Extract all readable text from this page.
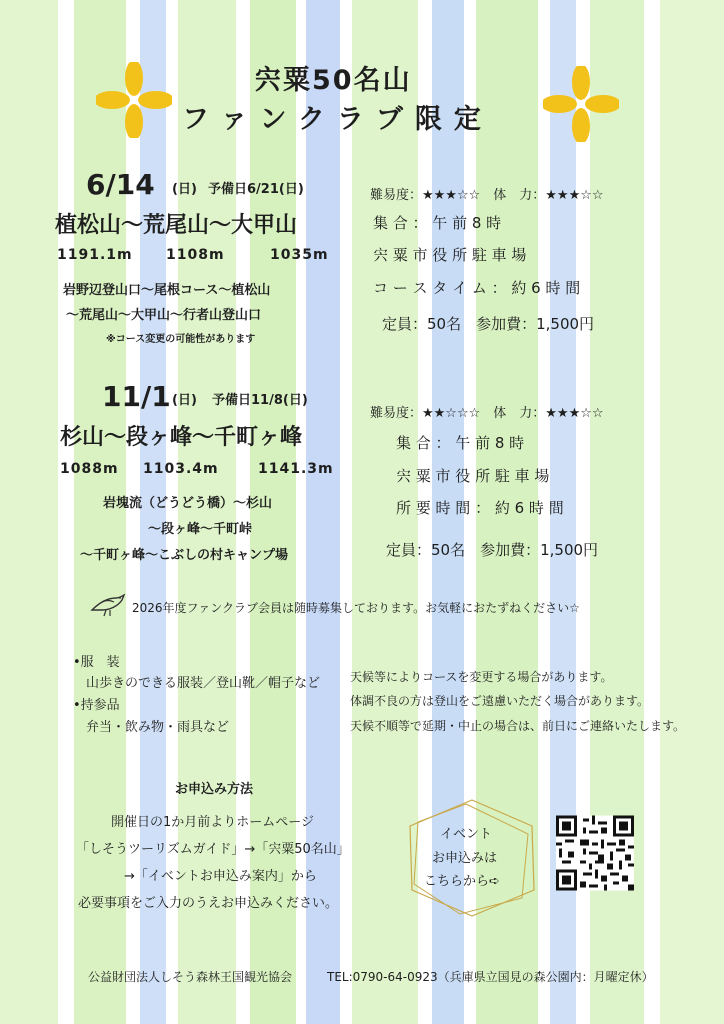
宍粟50名山
ファンクラブ限定
6/14 (日) 予備日6/21(日)
植松山〜荒尾山〜大甲山
1191.1m 1108m	1035m
岩野辺登山口〜尾根コース〜植松山
〜荒尾山〜大甲山〜行者山登山口
※コース変更の可能性があります
難易度：★★★☆☆　体　力：★★★☆☆
集 合 ： 午 前 8 時
宍 粟 市 役 所 駐 車 場
コ ー ス タ イ ム ： 約 6 時 間
定員：50名　参加費：1,500円
11/1 (日) 予備日11/8(日)
杉山〜段ヶ峰〜千町ヶ峰
1088m 1103.4m	1141.3m
岩塊流（どうどう橋）〜杉山
〜段ヶ峰〜千町峠
〜千町ヶ峰〜こぶしの村キャンプ場
難易度：★★☆☆☆　体　力：★★★☆☆
集 合 ： 午 前 8 時
宍 粟 市 役 所 駐 車 場
所 要 時 間 ： 約 6 時 間
定員：50名　参加費：1,500円
2026年度ファンクラブ会員は随時募集しております。お気軽におたずねください☆
•服　装
山歩きのできる服装／登山靴／帽子など
•持参品
弁当・飲み物・雨具など
天候等によりコースを変更する場合があります。
体調不良の方は登山をご遠慮いただく場合があります。
天候不順等で延期・中止の場合は、前日にご連絡いたします。
お申込み方法
開催日の1か月前よりホームページ
「しそうツーリズムガイド」→「宍粟50名山」
→「イベントお申込み案内」から
必要事項をご入力のうえお申込みください。
イベント
お申込みは
こちらから➪
公益財団法人しそう森林王国観光協会	TEL:0790-64-0923（兵庫県立国見の森公園内：月曜定休）
